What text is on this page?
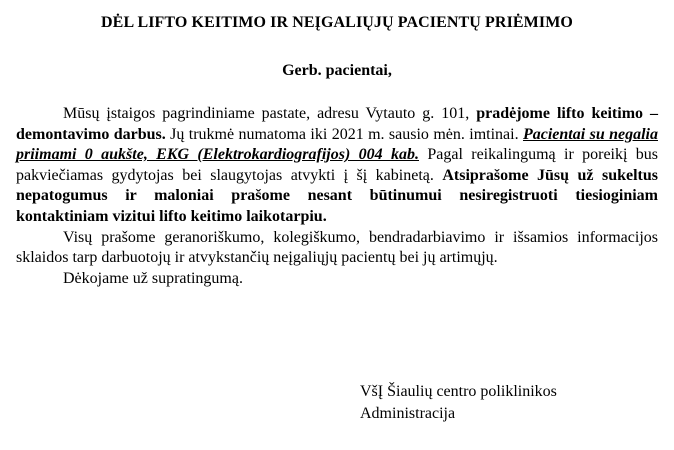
DĖL LIFTO KEITIMO IR NEĮGALIŲJŲ PACIENTŲ PRIĖMIMO
Gerb. pacientai,

Mūsų įstaigos pagrindiniame pastate, adresu Vytauto g. 101, pradėjome lifto keitimo – demontavimo darbus. Jų trukmė numatoma iki 2021 m. sausio mėn. imtinai. Pacientai su negalia priimami 0 aukšte, EKG (Elektrokardiografijos) 004 kab. Pagal reikalingumą ir poreikį bus pakviečiamas gydytojas bei slaugytojas atvykti į šį kabinetą. Atsiprašome Jūsų už sukeltus nepatogumus ir maloniai prašome nesant būtinumui nesiregistruoti tiesioginiam kontaktiniam vizitui lifto keitimo laikotarpiu.

Visų prašome geranoriškumo, kolegiškumo, bendradarbiavimo ir išsamios informacijos sklaidos tarp darbuotojų ir atvykstančių neįgaliųjų pacientų bei jų artimųjų.

Dėkojame už supratingumą.

VšĮ Šiaulių centro poliklinikos
Administracija
